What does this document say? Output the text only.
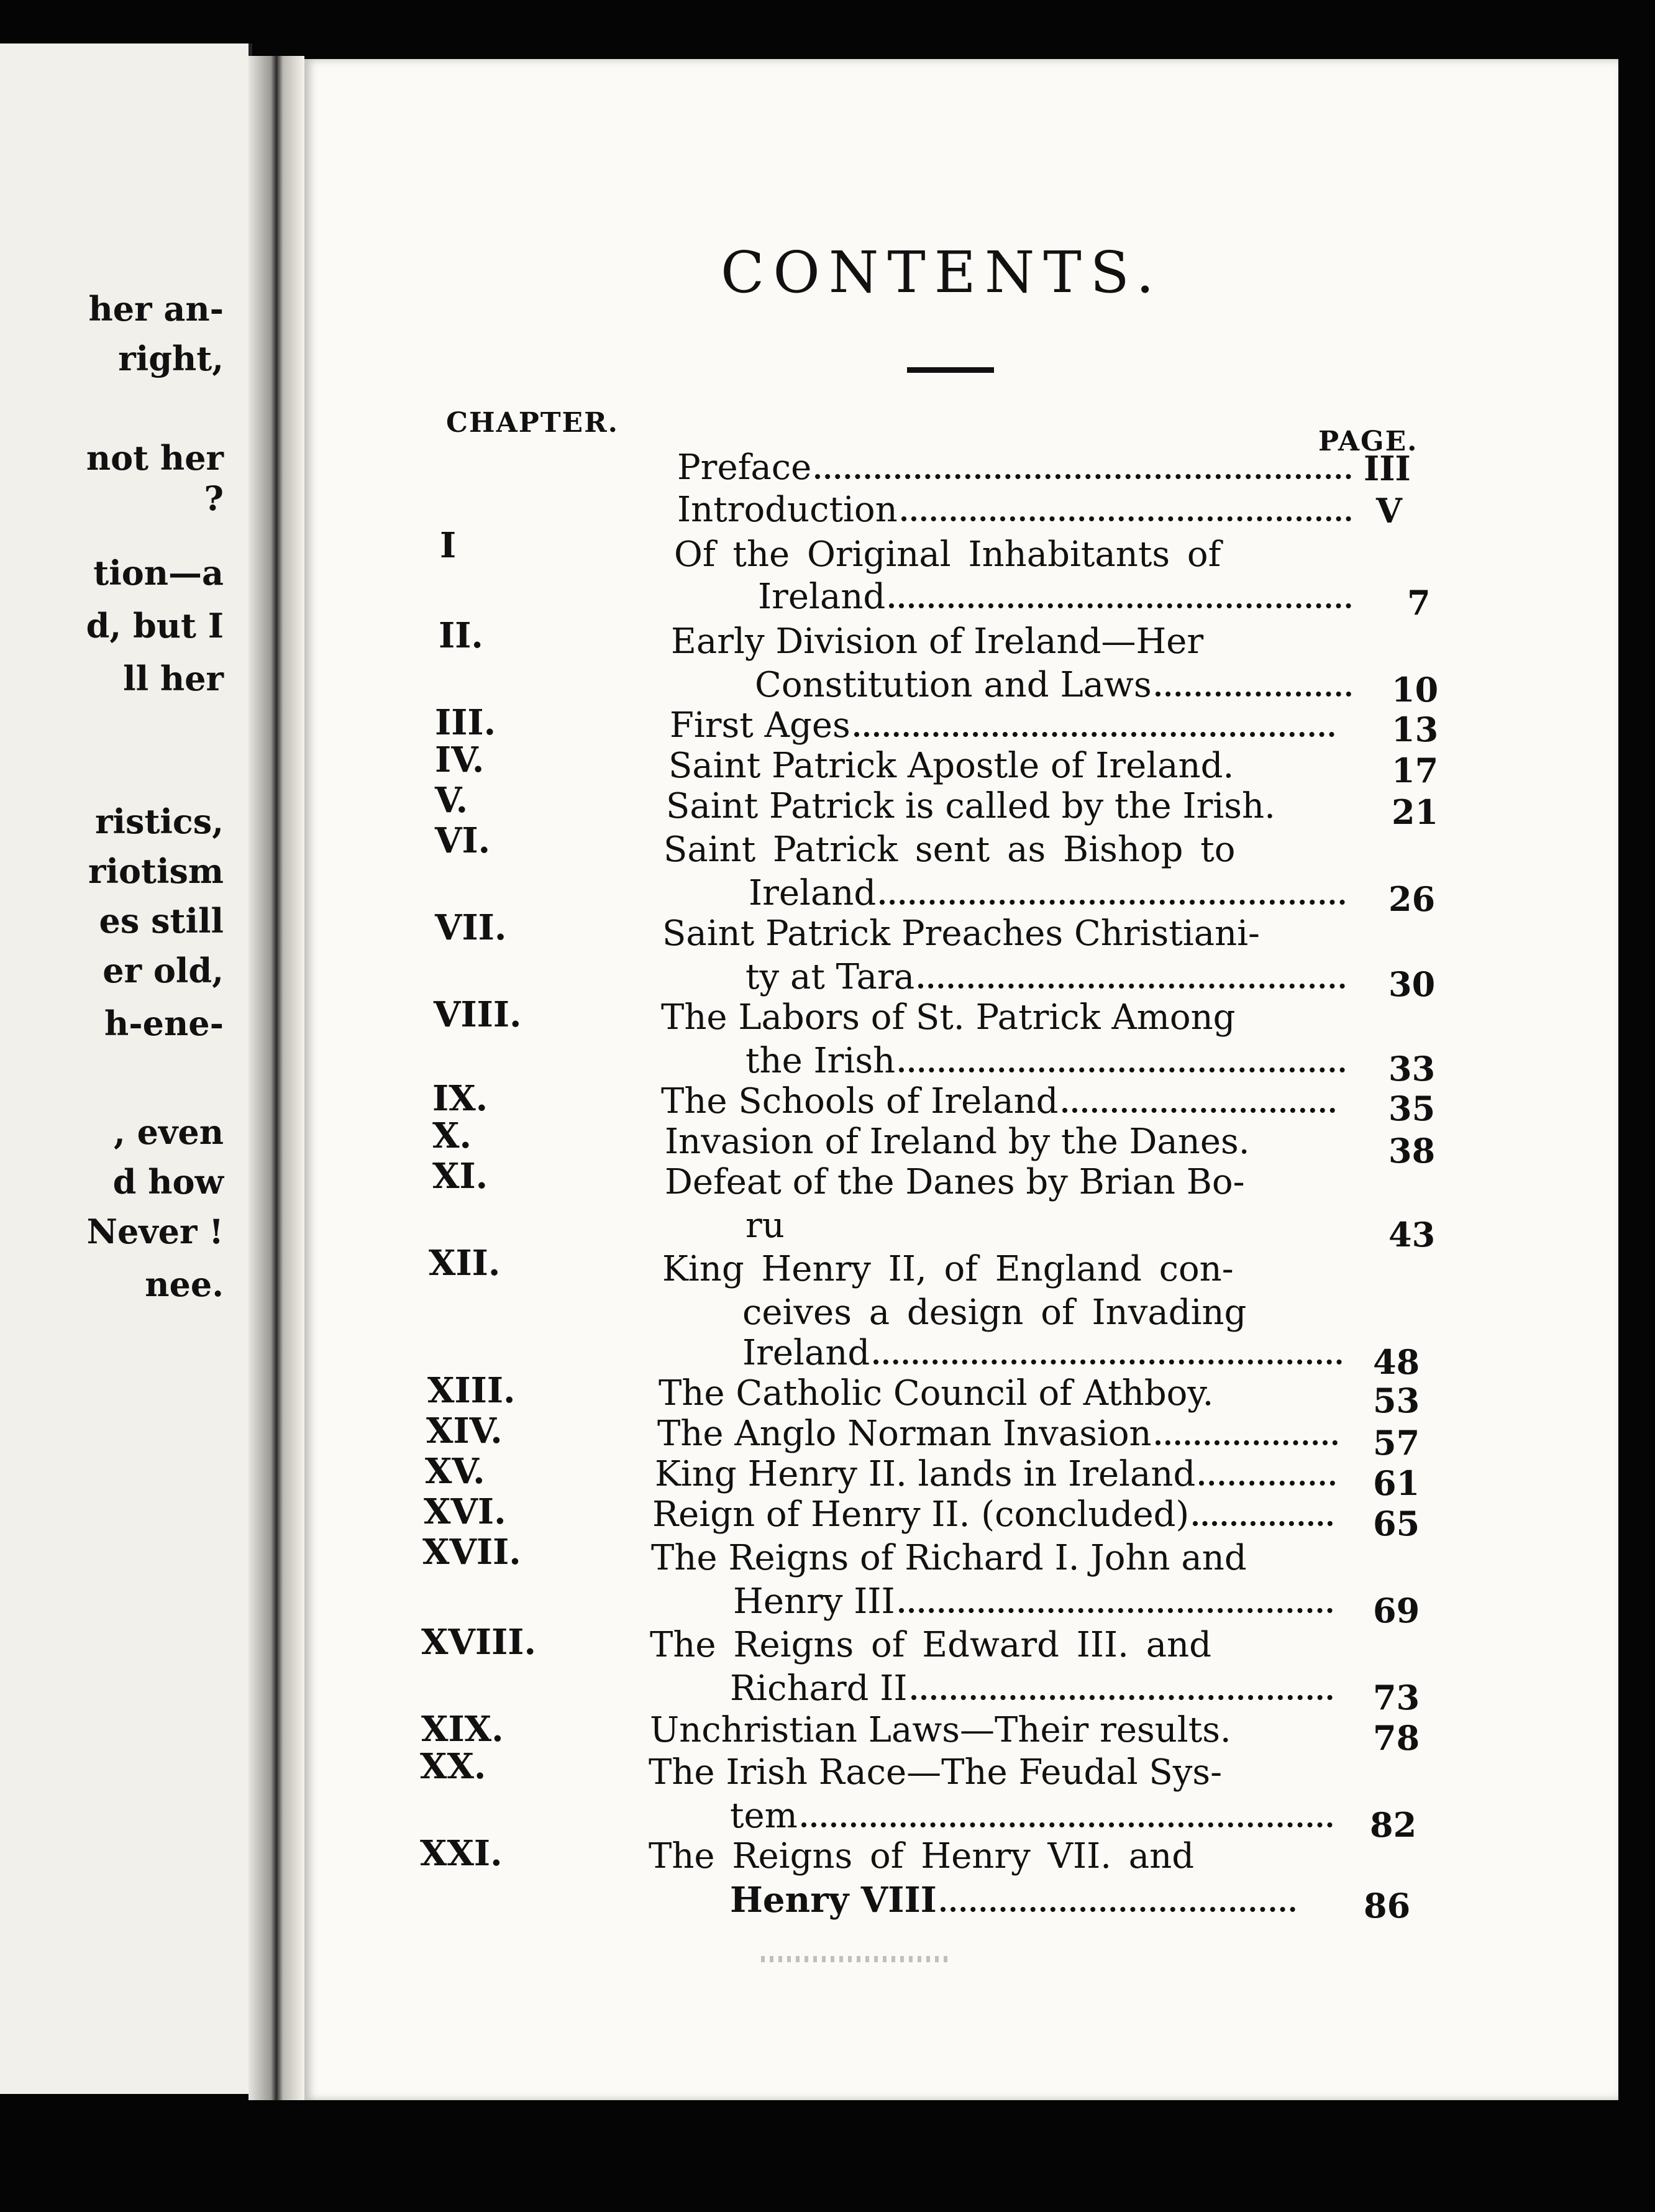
her an-
right,
not her
?
tion—a
d, but I
ll her
ristics,
riotism
es still
er old,
h-ene-
, even
d how
Never !
nee.
CONTENTS.
CHAPTER.
PAGE.
Preface	III
Introduction	V
I	Of the Original Inhabitants of
Ireland	7
II.	Early Division of Ireland—Her
Constitution and Laws	10
III.	First Ages	13
IV.	Saint Patrick Apostle of Ireland.	17
V.	Saint Patrick is called by the Irish.	21
VI.	Saint Patrick sent as Bishop to
Ireland	26
VII.	Saint Patrick Preaches Christiani-
ty at Tara	30
VIII.	The Labors of St. Patrick Among
the Irish	33
IX.	The Schools of Ireland	35
X.	Invasion of Ireland by the Danes.	38
XI.	Defeat of the Danes by Brian Bo-
ru	43
XII.	King Henry II, of England con-
ceives a design of Invading
Ireland	48
XIII.	The Catholic Council of Athboy.	53
XIV.	The Anglo Norman Invasion	57
XV.	King Henry II. lands in Ireland	61
XVI.	Reign of Henry II. (concluded)	65
XVII.	The Reigns of Richard I. John and
Henry III	69
XVIII.	The Reigns of Edward III. and
Richard II	73
XIX.	Unchristian Laws—Their results.	78
XX.	The Irish Race—The Feudal Sys-
tem	82
XXI.	The Reigns of Henry VII. and
Henry VIII	86
